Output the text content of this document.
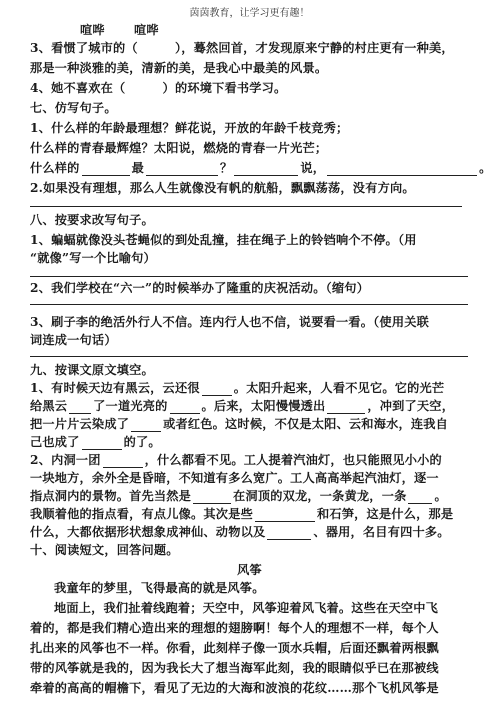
茵茵教育，让学习更有趣！
喧哗　　 喧哗
3、看惯了城市的（　　　），蓦然回首，才发现原来宁静的村庄更有一种美，
那是一种淡雅的美，清新的美，是我心中最美的风景。
4、她不喜欢在（　　　）的环境下看书学习。
七、仿写句子。
1、什么样的年龄最理想？鲜花说，开放的年龄千枝竞秀；
什么样的青春最辉煌？太阳说，燃烧的青春一片光芒；
什么样的	最	？	说，	。
2.如果没有理想，那么人生就像没有帆的航船，飘飘荡荡，没有方向。
八、按要求改写句子。
1、蝙蝠就像没头苍蝇似的到处乱撞，挂在绳子上的铃铛响个不停。（用
“就像”写一个比喻句）
2、我们学校在“六一”的时候举办了隆重的庆祝活动。（缩句）
3、刷子李的绝活外行人不信。连内行人也不信，说要看一看。（使用关联
词连成一句话）
九、按课文原文填空。
1、有时候天边有黑云，云还很	。太阳升起来，人看不见它。它的光芒
给黑云 了一道光亮的	。后来，太阳慢慢透出	，冲到了天空，
把一片片云染成了	或者红色。这时候，不仅是太阳、云和海水，连我自
己也成了	的了。
2、内洞一团	，什么都看不见。工人提着汽油灯，也只能照见小小的
一块地方，余外全是昏暗，不知道有多么宽广。工人高高举起汽油灯，逐一
指点洞内的景物。首先当然是	在洞顶的双龙，一条黄龙，一条 。
我顺着他的指点看，有点儿像。其次是些	和石笋，这是什么，那是
什么，大都依据形状想象成神仙、动物以及	、器用，名目有四十多。
十、阅读短文，回答问题。
风筝
我童年的梦里，飞得最高的就是风筝。
地面上，我们扯着线跑着；天空中，风筝迎着风飞着。这些在天空中飞
着的，都是我们精心造出来的理想的翅膀啊！每个人的理想不一样，每个人
扎出来的风筝也不一样。你看，此刻样子像一顶水兵帽，后面还飘着两根飘
带的风筝就是我的，因为我长大了想当海军此刻，我的眼睛似乎已在那被线
牵着的高高的帽檐下，看见了无边的大海和波浪的花纹……那个飞机风筝是
